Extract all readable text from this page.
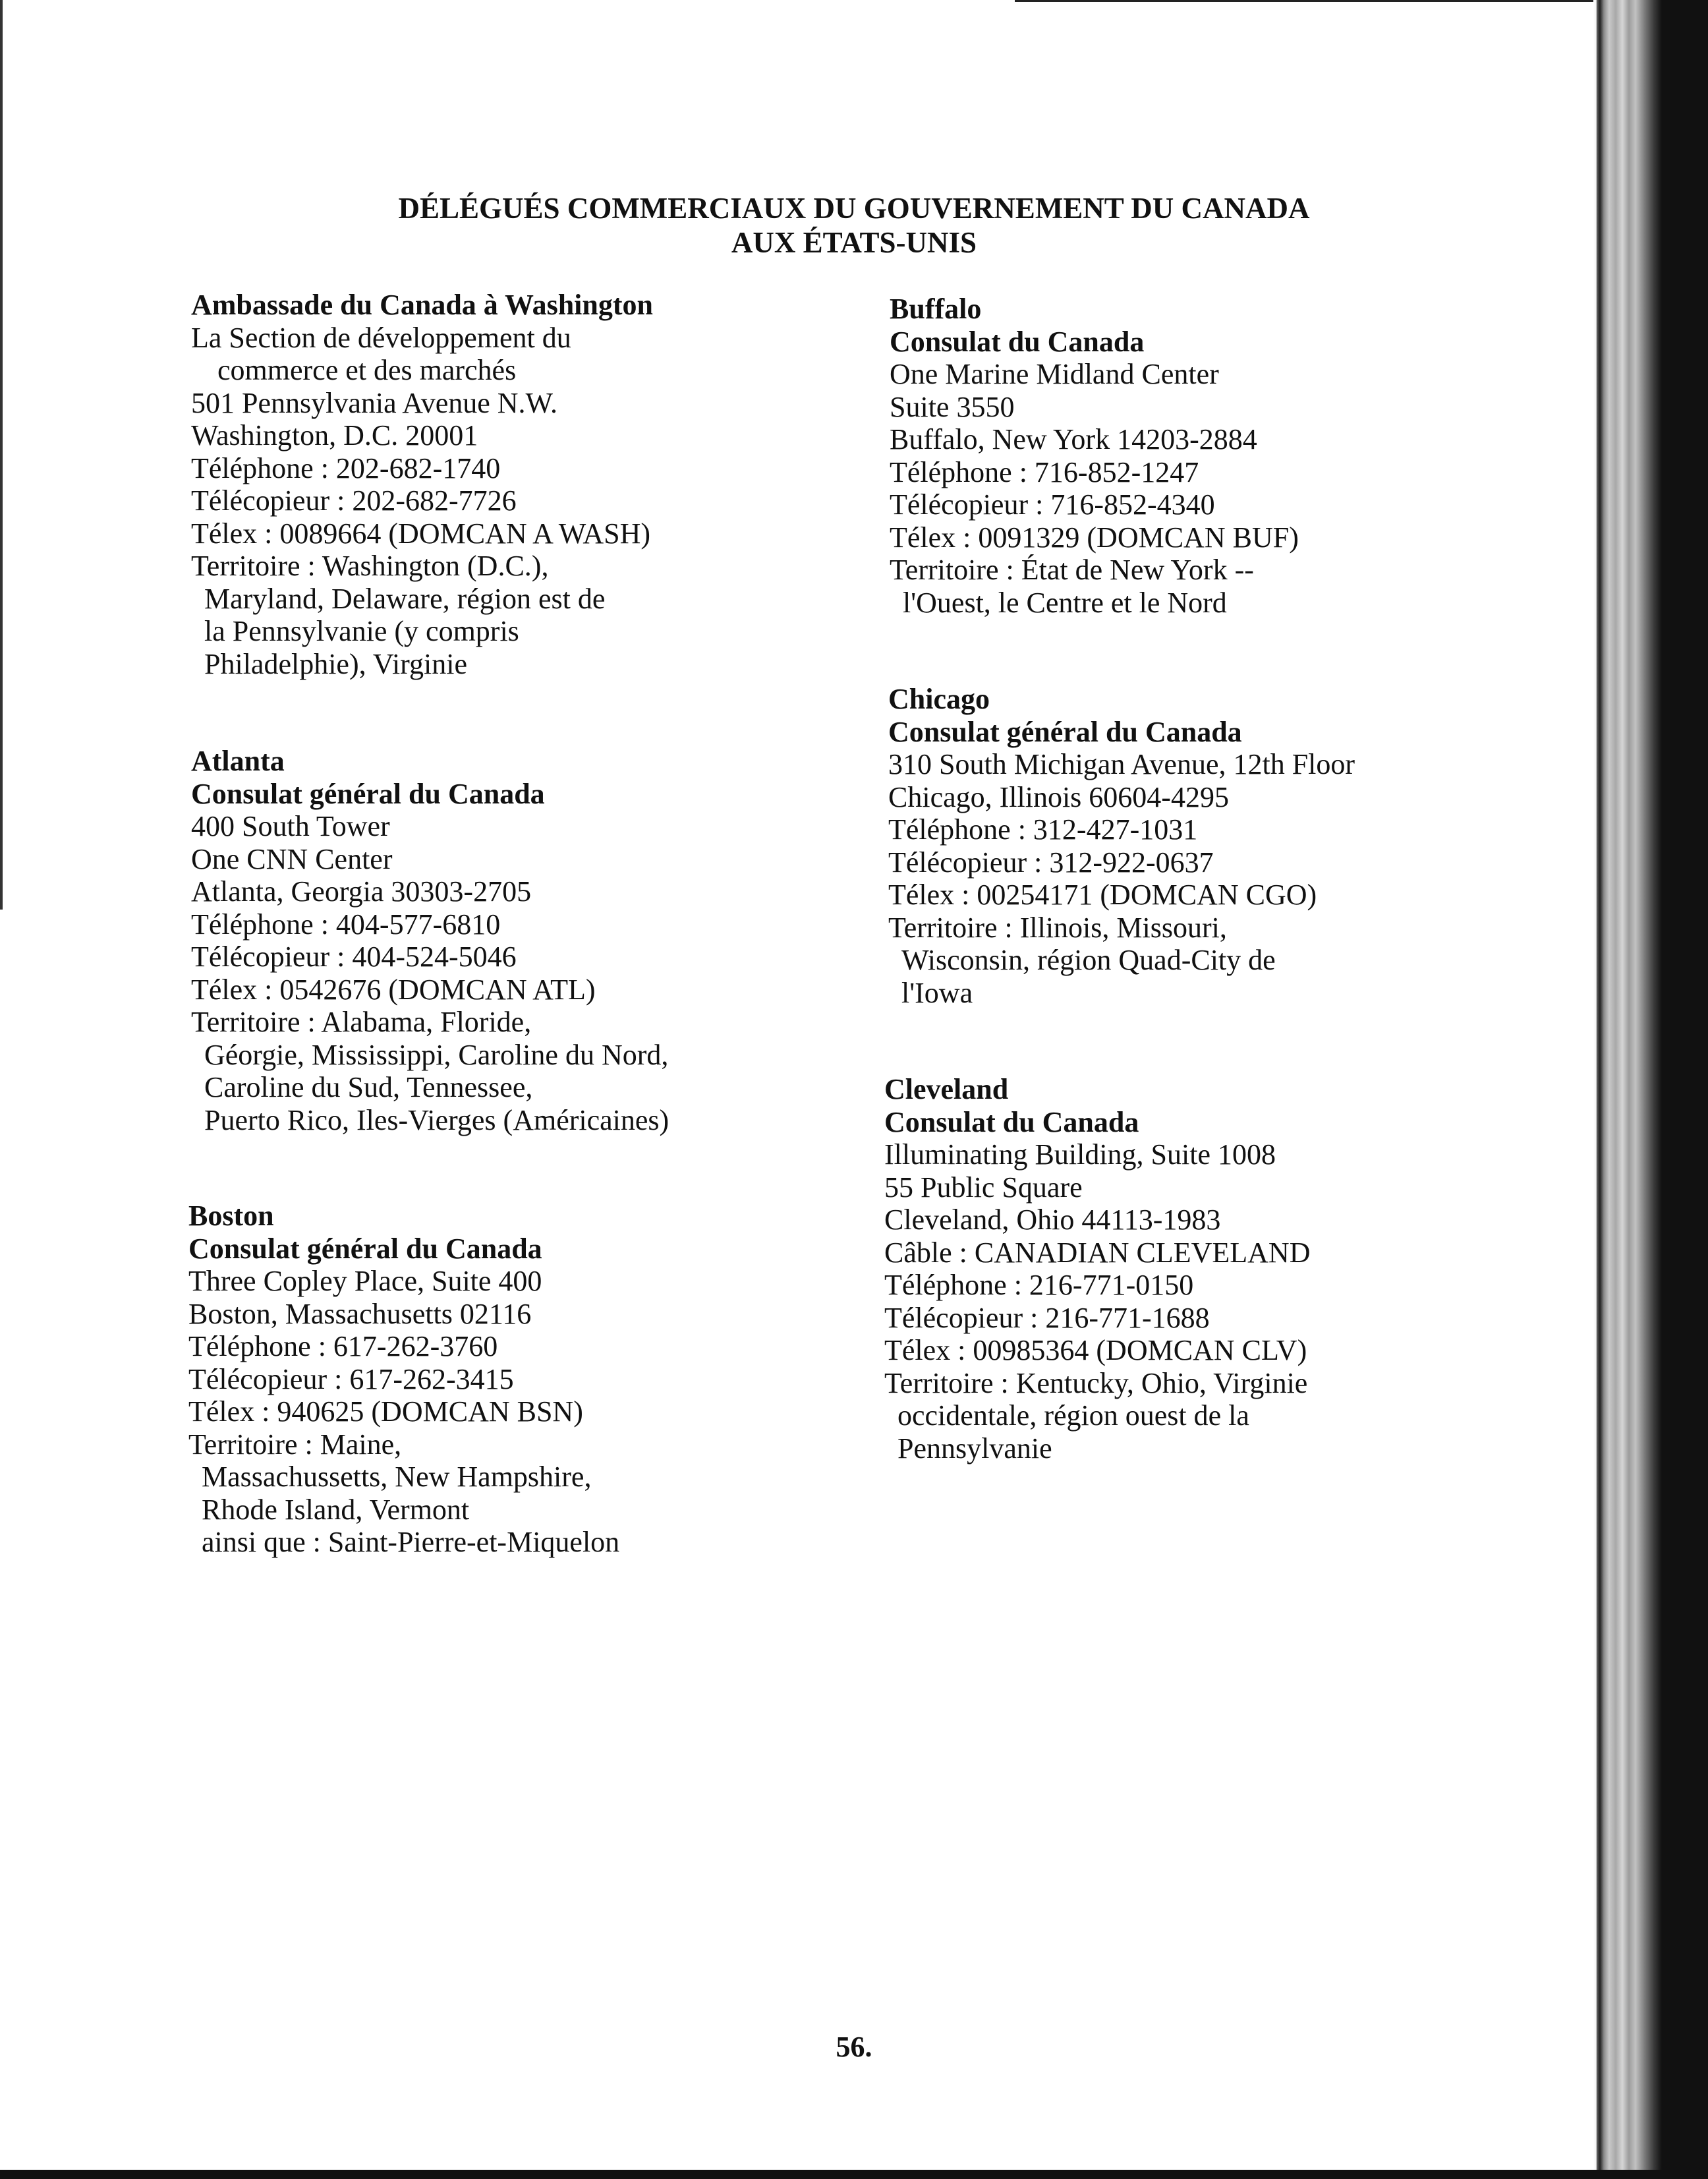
DÉLÉGUÉS COMMERCIAUX DU GOUVERNEMENT DU CANADA
AUX ÉTATS-UNIS
Ambassade du Canada à Washington
La Section de développement du
commerce et des marchés
501 Pennsylvania Avenue N.W.
Washington, D.C. 20001
Téléphone : 202-682-1740
Télécopieur : 202-682-7726
Télex : 0089664 (DOMCAN A WASH)
Territoire : Washington (D.C.),
Maryland, Delaware, région est de
la Pennsylvanie (y compris
Philadelphie), Virginie
Atlanta
Consulat général du Canada
400 South Tower
One CNN Center
Atlanta, Georgia 30303-2705
Téléphone : 404-577-6810
Télécopieur : 404-524-5046
Télex : 0542676 (DOMCAN ATL)
Territoire : Alabama, Floride,
Géorgie, Mississippi, Caroline du Nord,
Caroline du Sud, Tennessee,
Puerto Rico, Iles-Vierges (Américaines)
Boston
Consulat général du Canada
Three Copley Place, Suite 400
Boston, Massachusetts 02116
Téléphone : 617-262-3760
Télécopieur : 617-262-3415
Télex : 940625 (DOMCAN BSN)
Territoire : Maine,
Massachussetts, New Hampshire,
Rhode Island, Vermont
ainsi que : Saint-Pierre-et-Miquelon
Buffalo
Consulat du Canada
One Marine Midland Center
Suite 3550
Buffalo, New York 14203-2884
Téléphone : 716-852-1247
Télécopieur : 716-852-4340
Télex : 0091329 (DOMCAN BUF)
Territoire : État de New York --
l'Ouest, le Centre et le Nord
Chicago
Consulat général du Canada
310 South Michigan Avenue, 12th Floor
Chicago, Illinois 60604-4295
Téléphone : 312-427-1031
Télécopieur : 312-922-0637
Télex : 00254171 (DOMCAN CGO)
Territoire : Illinois, Missouri,
Wisconsin, région Quad-City de
l'Iowa
Cleveland
Consulat du Canada
Illuminating Building, Suite 1008
55 Public Square
Cleveland, Ohio 44113-1983
Câble : CANADIAN CLEVELAND
Téléphone : 216-771-0150
Télécopieur : 216-771-1688
Télex : 00985364 (DOMCAN CLV)
Territoire : Kentucky, Ohio, Virginie
occidentale, région ouest de la
Pennsylvanie
56.
